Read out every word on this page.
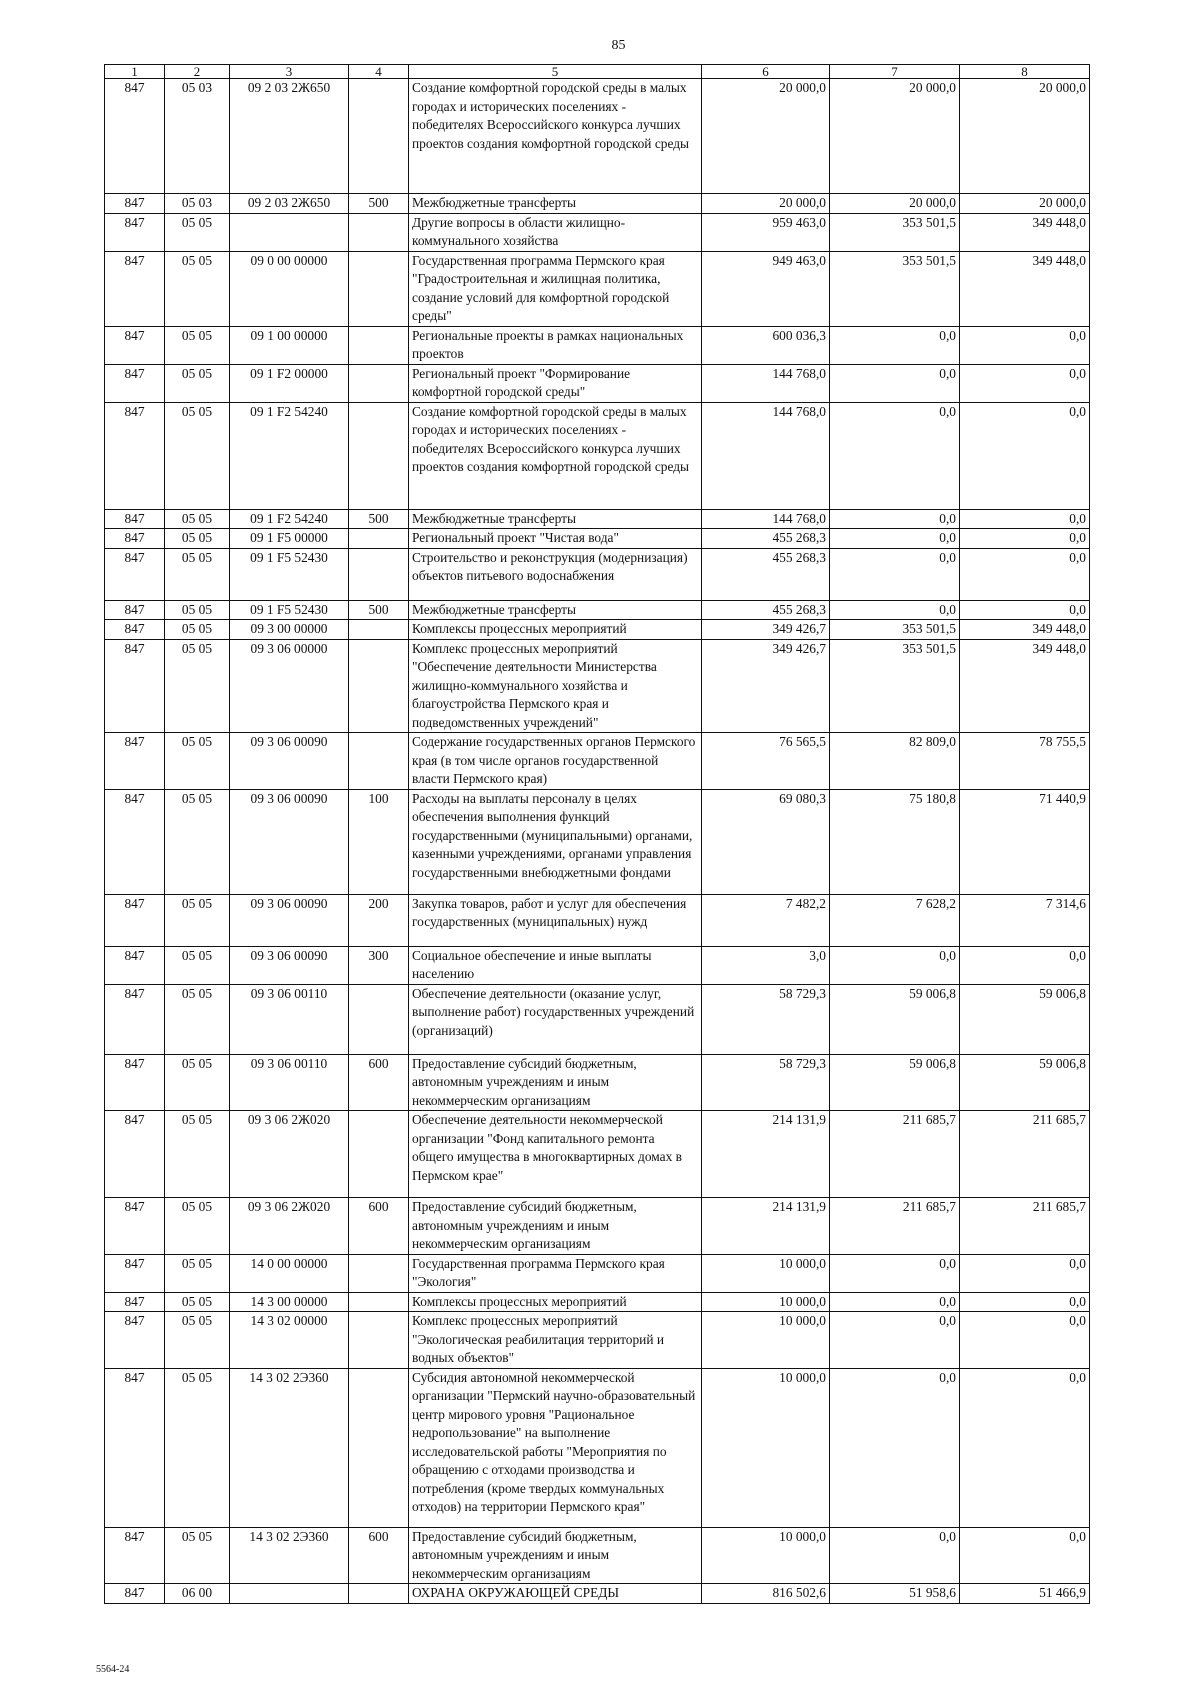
85
1	2	3	4	5	6	7	8
847	05 03	09 2 03 2Ж650		Создание комфортной городской среды в малых городах и исторических поселениях - победителях Всероссийского конкурса лучших проектов создания комфортной городской среды	20 000,0	20 000,0	20 000,0
847	05 03	09 2 03 2Ж650	500	Межбюджетные трансферты	20 000,0	20 000,0	20 000,0
847	05 05			Другие вопросы в области жилищно-коммунального хозяйства	959 463,0	353 501,5	349 448,0
847	05 05	09 0 00 00000		Государственная программа Пермского края "Градостроительная и жилищная политика, создание условий для комфортной городской среды"	949 463,0	353 501,5	349 448,0
847	05 05	09 1 00 00000		Региональные проекты в рамках национальных проектов	600 036,3	0,0	0,0
847	05 05	09 1 F2 00000		Региональный проект "Формирование комфортной городской среды"	144 768,0	0,0	0,0
847	05 05	09 1 F2 54240		Создание комфортной городской среды в малых городах и исторических поселениях - победителях Всероссийского конкурса лучших проектов создания комфортной городской среды	144 768,0	0,0	0,0
847	05 05	09 1 F2 54240	500	Межбюджетные трансферты	144 768,0	0,0	0,0
847	05 05	09 1 F5 00000		Региональный проект "Чистая вода"	455 268,3	0,0	0,0
847	05 05	09 1 F5 52430		Строительство и реконструкция (модернизация) объектов питьевого водоснабжения	455 268,3	0,0	0,0
847	05 05	09 1 F5 52430	500	Межбюджетные трансферты	455 268,3	0,0	0,0
847	05 05	09 3 00 00000		Комплексы процессных мероприятий	349 426,7	353 501,5	349 448,0
847	05 05	09 3 06 00000		Комплекс процессных мероприятий "Обеспечение деятельности Министерства жилищно-коммунального хозяйства и благоустройства Пермского края и подведомственных учреждений"	349 426,7	353 501,5	349 448,0
847	05 05	09 3 06 00090		Содержание государственных органов Пермского края (в том числе органов государственной власти Пермского края)	76 565,5	82 809,0	78 755,5
847	05 05	09 3 06 00090	100	Расходы на выплаты персоналу в целях обеспечения выполнения функций государственными (муниципальными) органами, казенными учреждениями, органами управления государственными внебюджетными фондами	69 080,3	75 180,8	71 440,9
847	05 05	09 3 06 00090	200	Закупка товаров, работ и услуг для обеспечения государственных (муниципальных) нужд	7 482,2	7 628,2	7 314,6
847	05 05	09 3 06 00090	300	Социальное обеспечение и иные выплаты населению	3,0	0,0	0,0
847	05 05	09 3 06 00110		Обеспечение деятельности (оказание услуг, выполнение работ) государственных учреждений (организаций)	58 729,3	59 006,8	59 006,8
847	05 05	09 3 06 00110	600	Предоставление субсидий бюджетным, автономным учреждениям и иным некоммерческим организациям	58 729,3	59 006,8	59 006,8
847	05 05	09 3 06 2Ж020		Обеспечение деятельности некоммерческой организации "Фонд капитального ремонта общего имущества в многоквартирных домах в Пермском крае"	214 131,9	211 685,7	211 685,7
847	05 05	09 3 06 2Ж020	600	Предоставление субсидий бюджетным, автономным учреждениям и иным некоммерческим организациям	214 131,9	211 685,7	211 685,7
847	05 05	14 0 00 00000		Государственная программа Пермского края "Экология"	10 000,0	0,0	0,0
847	05 05	14 3 00 00000		Комплексы процессных мероприятий	10 000,0	0,0	0,0
847	05 05	14 3 02 00000		Комплекс процессных мероприятий "Экологическая реабилитация территорий и водных объектов"	10 000,0	0,0	0,0
847	05 05	14 3 02 2Э360		Субсидия автономной некоммерческой организации "Пермский научно-образовательный центр мирового уровня "Рациональное недропользование" на выполнение исследовательской работы "Мероприятия по обращению с отходами производства и потребления (кроме твердых коммунальных отходов) на территории Пермского края"	10 000,0	0,0	0,0
847	05 05	14 3 02 2Э360	600	Предоставление субсидий бюджетным, автономным учреждениям и иным некоммерческим организациям	10 000,0	0,0	0,0
847	06 00			ОХРАНА ОКРУЖАЮЩЕЙ СРЕДЫ	816 502,6	51 958,6	51 466,9
5564-24
